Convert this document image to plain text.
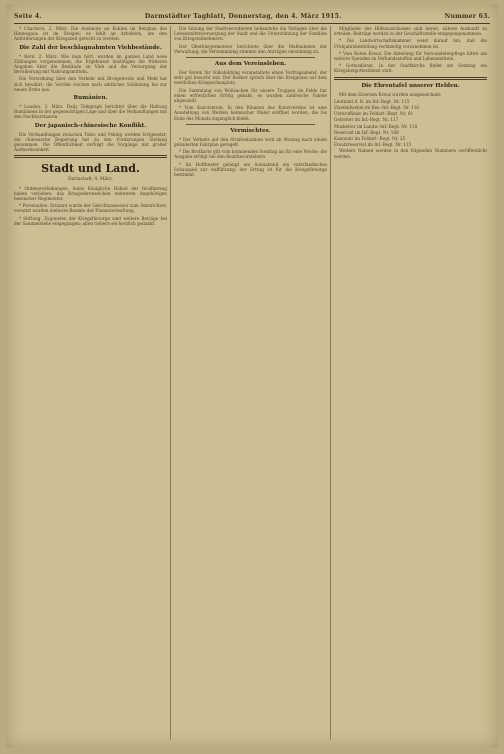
Seite 4.	Darmstädter Tagblatt, Donnerstag, den 4. März 1915.	Nummer 63.

* Charleroi, 2. März. Die Ausbeute an Kohlen im Bergbau des Hennegaus ist im Steigen; es fehlt an Arbeitern, um den Anforderungen der Kriegszeit gerecht zu werden.

Die Zahl der beschlagnahmten Viehbestände.

* Bern, 2. März. Wie man hört, wurden im ganzen Land neue Zählungen vorgenommen; die Ergebnisse bestätigen die früheren Angaben über die Bestände an Vieh und die Versorgung der Bevölkerung mit Nahrungsmitteln.

Die Verordnung über den Verkehr mit Brotgetreide und Mehl hat sich bewährt; die Vorräte reichen nach amtlicher Schätzung bis zur neuen Ernte aus.

Rumänien.

* London, 3. März. Daily Telegraph berichtet über die Haltung Rumäniens in der gegenwärtigen Lage und über die Verhandlungen mit den Nachbarstaaten.

Der japanisch-chinesische Konflikt.

Die Verhandlungen zwischen Tokio und Peking werden fortgesetzt; die chinesische Regierung hat zu den Forderungen Stellung genommen. Die Öffentlichkeit verfolgt die Vorgänge mit großer Aufmerksamkeit.

Stadt und Land.
Darmstadt, 4. März.

* Ordensverleihungen. Seine Königliche Hoheit der Großherzog haben verliehen: das Kriegsehrenzeichen mehreren Angehörigen hessischer Regimenter.

* Personalien. Ernannt wurde der Gerichtsassessor zum Amtsrichter; versetzt wurden mehrere Beamte der Finanzverwaltung.

* Stiftung. Zugunsten der Kriegsfürsorge sind weitere Beträge bei der Sammelstelle eingegangen; allen Gebern sei herzlich gedankt.

Die Sitzung der Stadtverordneten behandelte die Vorlagen über die Lebensmittelversorgung der Stadt und die Unterstützung der Familien von Kriegsteilnehmern.

Der Oberbürgermeister berichtete über die Maßnahmen der Verwaltung; die Versammlung stimmte den Anträgen einstimmig zu.

Aus dem Vereinsleben.

Der Verein für Volksbildung veranstaltete einen Vortragsabend, der sehr gut besucht war. Der Redner sprach über die Ereignisse auf dem westlichen Kriegsschauplatz.

Die Sammlung von Wollsachen für unsere Truppen im Felde hat einen erfreulichen Erfolg gehabt; es wurden zahlreiche Pakete abgesandt.

* Vom Kunstverein. In den Räumen des Kunstvereins ist eine Ausstellung von Werken heimischer Maler eröffnet worden, die bis Ende des Monats zugänglich bleibt.

Vermischtes.

* Der Verkehr auf den Straßenbahnen wird ab Montag nach einem geänderten Fahrplan geregelt.

* Die Brotkarte gilt vom kommenden Sonntag an für eine Woche; die Ausgabe erfolgt bei den Bezirksvorstehern.

* Im Hoftheater gelangt am Sonnabend ein vaterländisches Schauspiel zur Aufführung; der Ertrag ist für die Kriegsfürsorge bestimmt.

Mitglieder des Hilfsausschusses sind bereit, nähere Auskunft zu erteilen. Beiträge werden in der Geschäftsstelle entgegengenommen.

* Die Landwirtschaftskammer weist darauf hin, daß die Frühjahrsbestellung rechtzeitig vorzunehmen ist.

* Vom Roten Kreuz. Die Abteilung für Verwundetenpflege bittet um weitere Spenden an Verbandsstoffen und Lebensmitteln.

* Gottesdienst. In der Stadtkirche findet am Sonntag ein Kriegsbetgottesdienst statt.

Die Ehrentafel unserer Helden.

Mit dem Eisernen Kreuz wurden ausgezeichnet:

Leutnant d. R. im Inf.-Regt. Nr. 115

Vizefeldwebel im Res.-Inf.-Regt. Nr. 116

Unteroffizier im Feldart.-Regt. Nr. 61

Gefreiter im Inf.-Regt. Nr. 117

Musketier im Landw.-Inf.-Regt. Nr. 118

Reservist im Inf.-Regt. Nr. 168

Kanonier im Feldart.-Regt. Nr. 25

Ersatzreservist im Inf.-Regt. Nr. 115

Weitere Namen werden in den folgenden Nummern veröffentlicht werden.
